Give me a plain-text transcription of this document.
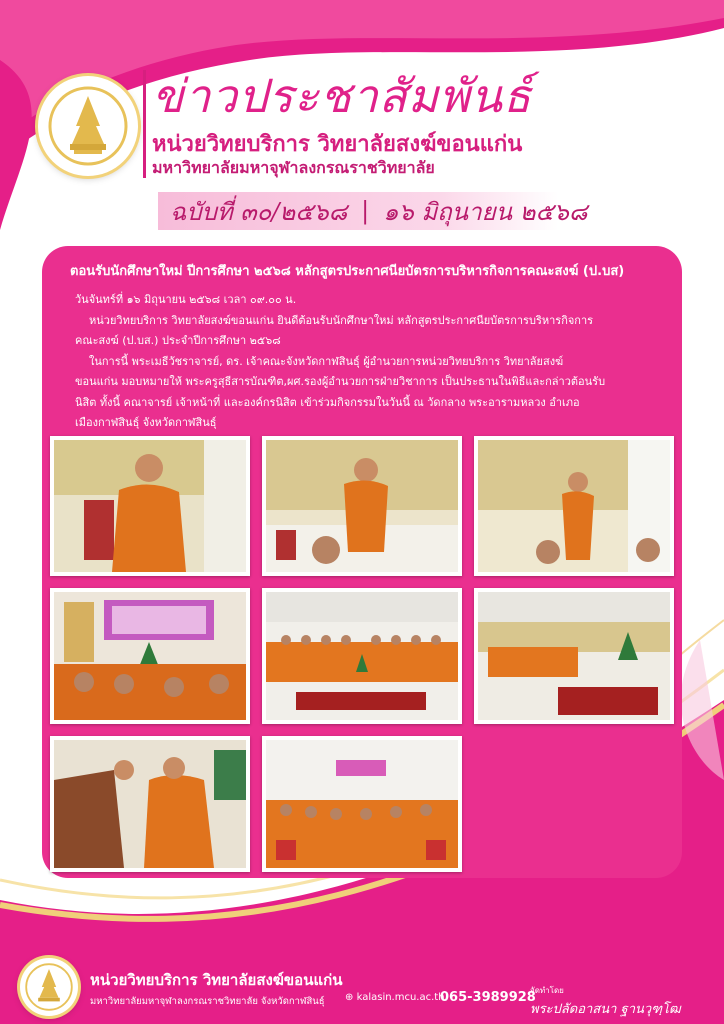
ข่าวประชาสัมพันธ์
หน่วยวิทยบริการ วิทยาลัยสงฆ์ขอนแก่น
มหาวิทยาลัยมหาจุฬาลงกรณราชวิทยาลัย
ฉบับที่ ๓๐/๒๕๖๘ | ๑๖ มิถุนายน ๒๕๖๘
ตอนรับนักศึกษาใหม่ ปีการศึกษา ๒๕๖๘ หลักสูตรประกาศนียบัตรการบริหารกิจการคณะสงฆ์ (ป.บส)

วันจันทร์ที่ ๑๖ มิถุนายน ๒๕๖๘ เวลา ๐๙.๐๐ น.

หน่วยวิทยบริการ วิทยาลัยสงฆ์ขอนแก่น ยินดีต้อนรับนักศึกษาใหม่ หลักสูตรประกาศนียบัตรการบริหารกิจการ

คณะสงฆ์ (ป.บส.) ประจำปีการศึกษา ๒๕๖๘

ในการนี้ พระเมธีวัชราจารย์, ดร. เจ้าคณะจังหวัดกาฬสินธุ์ ผู้อำนวยการหน่วยวิทยบริการ วิทยาลัยสงฆ์

ขอนแก่น มอบหมายให้ พระครูสุธีสารบัณฑิต,ผศ.รองผู้อำนวยการฝ่ายวิชาการ เป็นประธานในพิธีและกล่าวต้อนรับ

นิสิต ทั้งนี้ คณาจารย์ เจ้าหน้าที่ และองค์กรนิสิต เข้าร่วมกิจกรรมในวันนี้ ณ วัดกลาง พระอารามหลวง อำเภอ

เมืองกาฬสินธุ์ จังหวัดกาฬสินธุ์

หน่วยวิทยบริการ วิทยาลัยสงฆ์ขอนแก่น
มหาวิทยาลัยมหาจุฬาลงกรณราชวิทยาลัย จังหวัดกาฬสินธุ์ ⊕ kalasin.mcu.ac.th
065-3989928
จัดทำโดย
พระปลัดอาสนา ฐานวุฑฺโฒ
